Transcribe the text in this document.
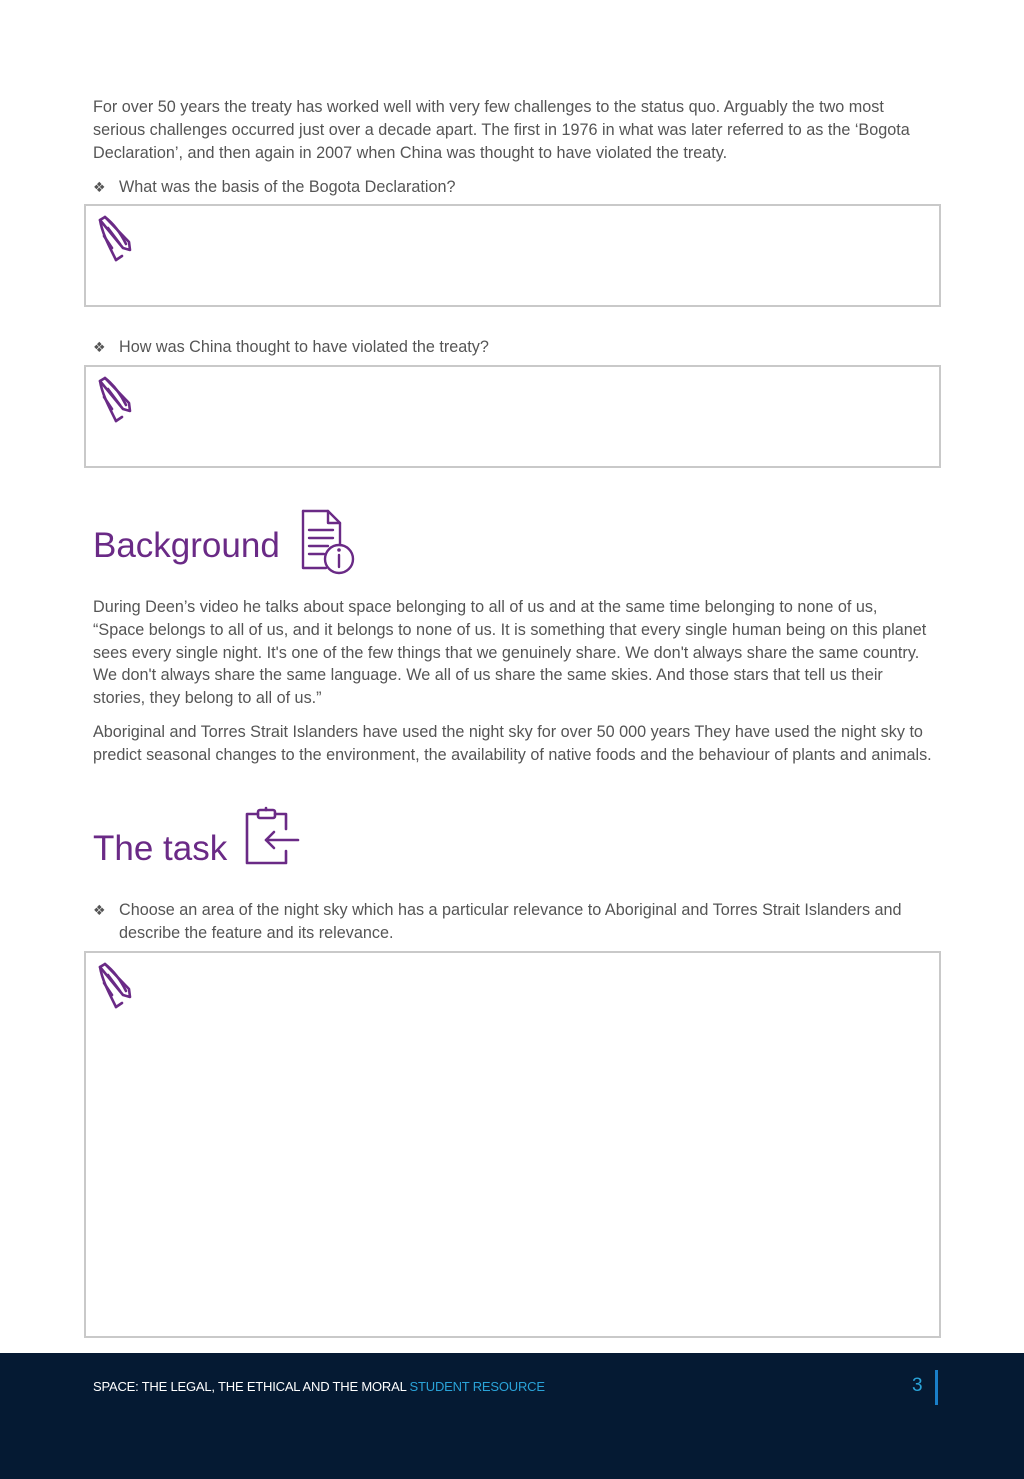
For over 50 years the treaty has worked well with very few challenges to the status quo. Arguably the two most serious challenges occurred just over a decade apart. The first in 1976 in what was later referred to as the ‘Bogota Declaration’, and then again in 2007 when China was thought to have violated the treaty.

❖ What was the basis of the Bogota Declaration?
❖ How was China thought to have violated the treaty?
Background

During Deen’s video he talks about space belonging to all of us and at the same time belonging to none of us, “Space belongs to all of us, and it belongs to none of us. It is something that every single human being on this planet sees every single night. It's one of the few things that we genuinely share. We don't always share the same country. We don't always share the same language. We all of us share the same skies. And those stars that tell us their stories, they belong to all of us.”

Aboriginal and Torres Strait Islanders have used the night sky for over 50 000 years They have used the night sky to predict seasonal changes to the environment, the availability of native foods and the behaviour of plants and animals.

The task
❖ Choose an area of the night sky which has a particular relevance to Aboriginal and Torres Strait Islanders and describe the feature and its relevance.
SPACE: THE LEGAL, THE ETHICAL AND THE MORAL STUDENT RESOURCE	3
